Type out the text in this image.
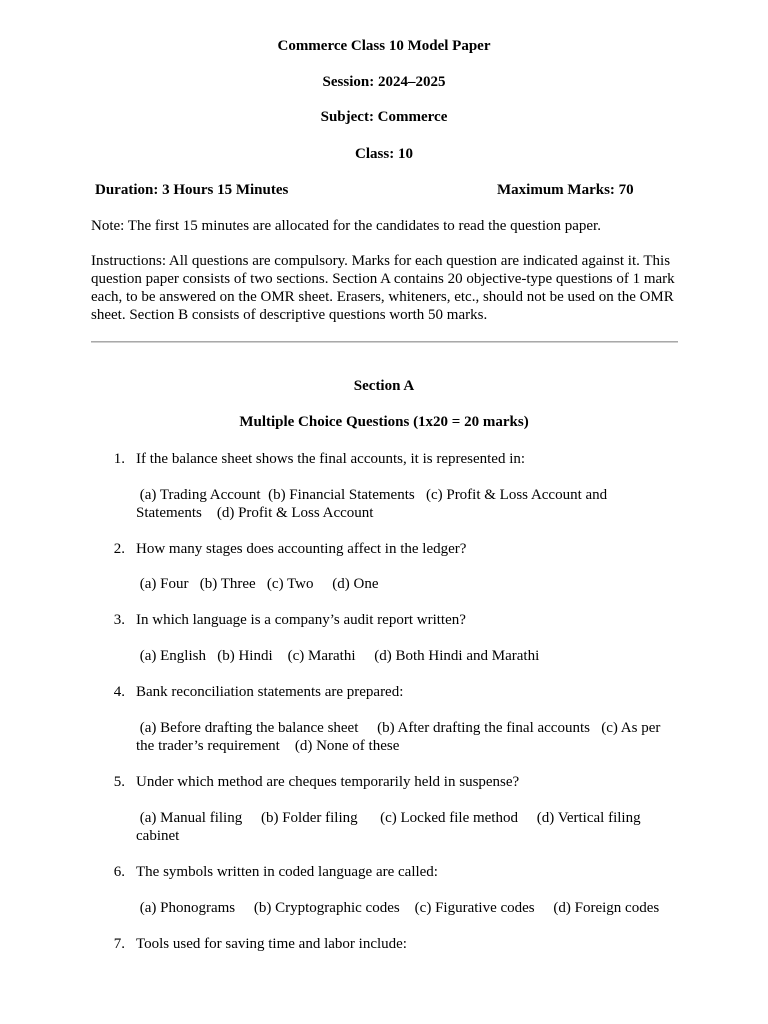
Commerce Class 10 Model Paper
Session: 2024–2025
Subject: Commerce
Class: 10
Duration: 3 Hours 15 Minutes	Maximum Marks: 70
Note: The first 15 minutes are allocated for the candidates to read the question paper.
Instructions: All questions are compulsory. Marks for each question are indicated against it. This question paper consists of two sections. Section A contains 20 objective-type questions of 1 mark each, to be answered on the OMR sheet. Erasers, whiteners, etc., should not be used on the OMR sheet. Section B consists of descriptive questions worth 50 marks.
Section A
Multiple Choice Questions (1x20 = 20 marks)
1. If the balance sheet shows the final accounts, it is represented in:
(a) Trading Account  (b) Financial Statements   (c) Profit & Loss Account and Statements    (d) Profit & Loss Account
2. How many stages does accounting affect in the ledger?
(a) Four   (b) Three   (c) Two     (d) One
3. In which language is a company’s audit report written?
(a) English   (b) Hindi    (c) Marathi     (d) Both Hindi and Marathi
4. Bank reconciliation statements are prepared:
(a) Before drafting the balance sheet     (b) After drafting the final accounts   (c) As per the trader’s requirement    (d) None of these
5. Under which method are cheques temporarily held in suspense?
(a) Manual filing     (b) Folder filing      (c) Locked file method     (d) Vertical filing cabinet
6. The symbols written in coded language are called:
(a) Phonograms     (b) Cryptographic codes    (c) Figurative codes     (d) Foreign codes
7. Tools used for saving time and labor include:
